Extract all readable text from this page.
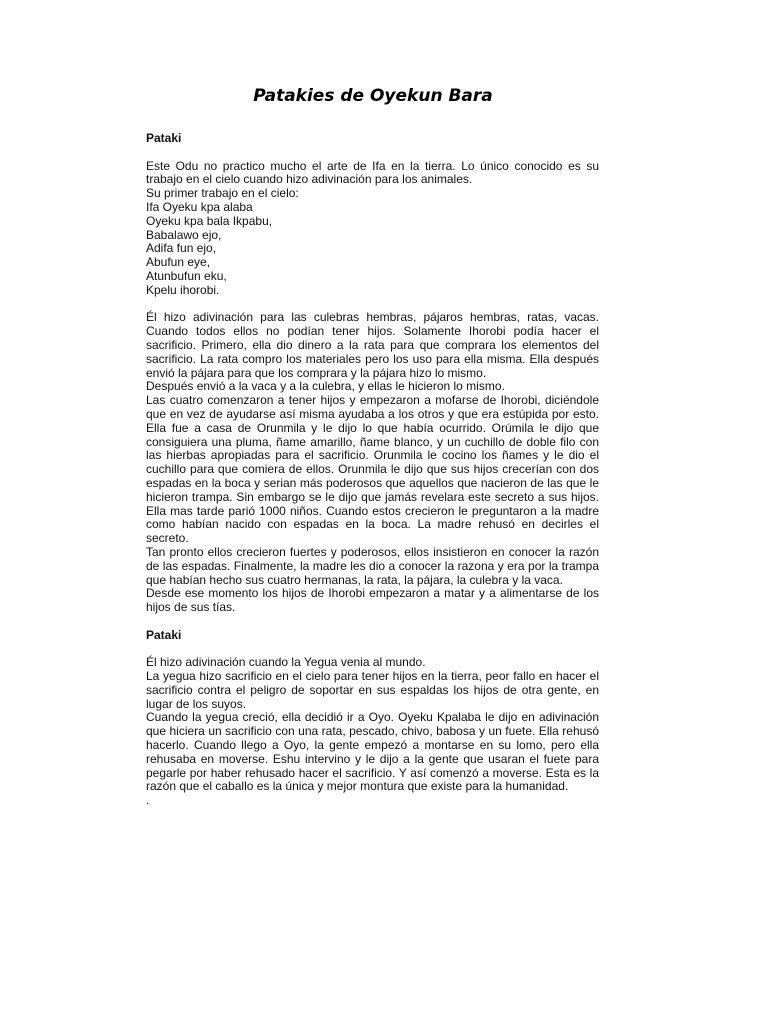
Patakies de Oyekun Bara
Pataki

Este Odu no practico mucho el arte de Ifa en la tierra. Lo único conocido es su trabajo en el cielo cuando hizo adivinación para los animales.

Su primer trabajo en el cielo:

Ifa Oyeku kpa alaba

Oyeku kpa bala Ikpabu,

Babalawo ejo,

Adifa fun ejo,

Abufun eye,

Atunbufun eku,

Kpelu ihorobi.

Él hizo adivinación para las culebras hembras, pájaros hembras, ratas, vacas. Cuando todos ellos no podían tener hijos. Solamente Ihorobi podía hacer el sacrificio. Primero, ella dio dinero a la rata para que comprara los elementos del sacrificio. La rata compro los materiales pero los uso para ella misma. Ella después envió la pájara para que los comprara y la pájara hizo lo mismo.

Después envió a la vaca y a la culebra, y ellas le hicieron lo mismo.

Las cuatro comenzaron a tener hijos y empezaron a mofarse de Ihorobi, diciéndole que en vez de ayudarse así misma ayudaba a los otros y que era estúpida por esto. Ella fue a casa de Orunmila y le dijo lo que había ocurrido. Orúmila le dijo que consiguiera una pluma, ñame amarillo, ñame blanco, y un cuchillo de doble filo con las hierbas apropiadas para el sacrificio. Orunmila le cocino los ñames y le dio el cuchillo para que comiera de ellos. Orunmila le dijo que sus hijos crecerían con dos espadas en la boca y serian más poderosos que aquellos que nacieron de las que le hicieron trampa. Sin embargo se le dijo que jamás revelara este secreto a sus hijos. Ella mas tarde parió 1000 niños. Cuando estos crecieron le preguntaron a la madre como habían nacido con espadas en la boca. La madre rehusó en decirles el secreto.

Tan pronto ellos crecieron fuertes y poderosos, ellos insistieron en conocer la razón de las espadas. Finalmente, la madre les dio a conocer la razona y era por la trampa que habían hecho sus cuatro hermanas, la rata, la pájara, la culebra y la vaca.

Desde ese momento los hijos de Ihorobi empezaron a matar y a alimentarse de los hijos de sus tías.

Pataki

Él hizo adivinación cuando la Yegua venia al mundo.

La yegua hizo sacrificio en el cielo para tener hijos en la tierra, peor fallo en hacer el sacrificio contra el peligro de soportar en sus espaldas los hijos de otra gente, en lugar de los suyos.

Cuando la yegua creció, ella decidió ir a Oyo. Oyeku Kpalaba le dijo en adivinación que hiciera un sacrificio con una rata, pescado, chivo, babosa y un fuete. Ella rehusó hacerlo. Cuando llego a Oyo, la gente empezó a montarse en su lomo, pero ella rehusaba en moverse. Eshu intervino y le dijo a la gente que usaran el fuete para pegarle por haber rehusado hacer el sacrificio. Y así comenzó a moverse. Esta es la razón que el caballo es la única y mejor montura que existe para la humanidad.

.
